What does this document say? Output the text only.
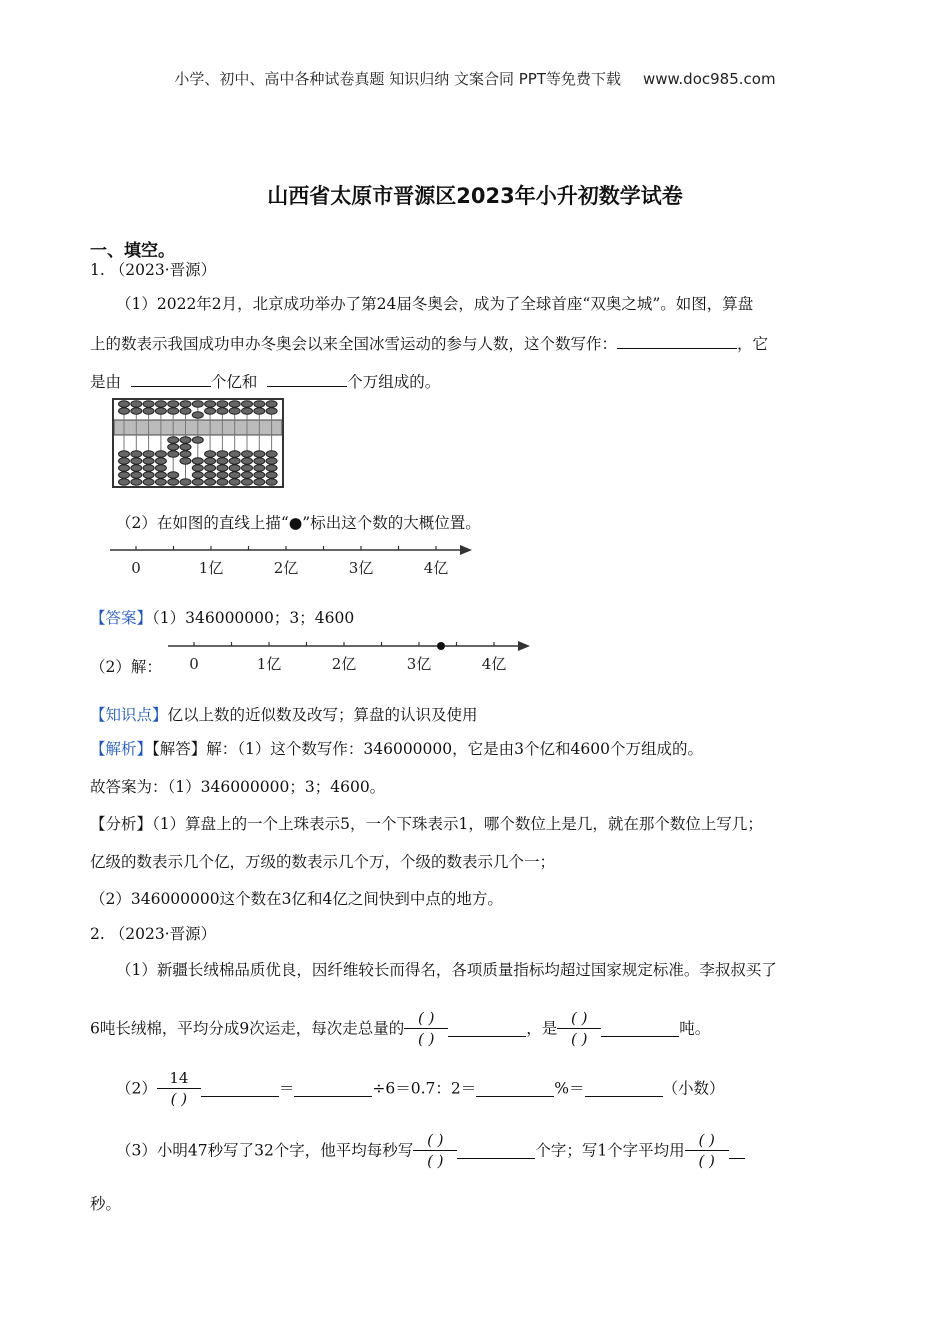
小学、初中、高中各种试卷真题 知识归纳 文案合同 PPT等免费下载 www.doc985.com
山西省太原市晋源区2023年小升初数学试卷
一、填空。
1. （2023·晋源）
（1）2022年2月，北京成功举办了第24届冬奥会，成为了全球首座“双奥之城”。如图，算盘
上的数表示我国成功申办冬奥会以来全国冰雪运动的参与人数，这个数写作：	，它
是由	个亿和	个万组成的。
（2）在如图的直线上描“●”标出这个数的大概位置。
0	1亿	2亿	3亿	4亿
【答案】（1）346000000；3；4600
（2）解： 0	1亿	2亿	3亿	4亿
【知识点】亿以上数的近似数及改写；算盘的认识及使用
【解析】【解答】解：（1）这个数写作：346000000，它是由3个亿和4600个万组成的。
故答案为：（1）346000000；3；4600。
【分析】（1）算盘上的一个上珠表示5，一个下珠表示1，哪个数位上是几，就在那个数位上写几；
亿级的数表示几个亿，万级的数表示几个万，个级的数表示几个一；
（2）346000000这个数在3亿和4亿之间快到中点的地方。
2. （2023·晋源）
（1）新疆长绒棉品质优良，因纤维较长而得名，各项质量指标均超过国家规定标准。李叔叔买了
6吨长绒棉，平均分成9次运走，每次走总量的 $\frac{( )}{( )}$	，是 $\frac{( )}{( )}$	吨。
$(2) \frac{14}{( )}$	＝	÷6＝0.7：2＝	%＝	（小数）
（3）小明47秒写了32个字，他平均每秒写 $\frac{( )}{( )}$	个字；写1个字平均用 $\frac{( )}{( )}$
秒。
